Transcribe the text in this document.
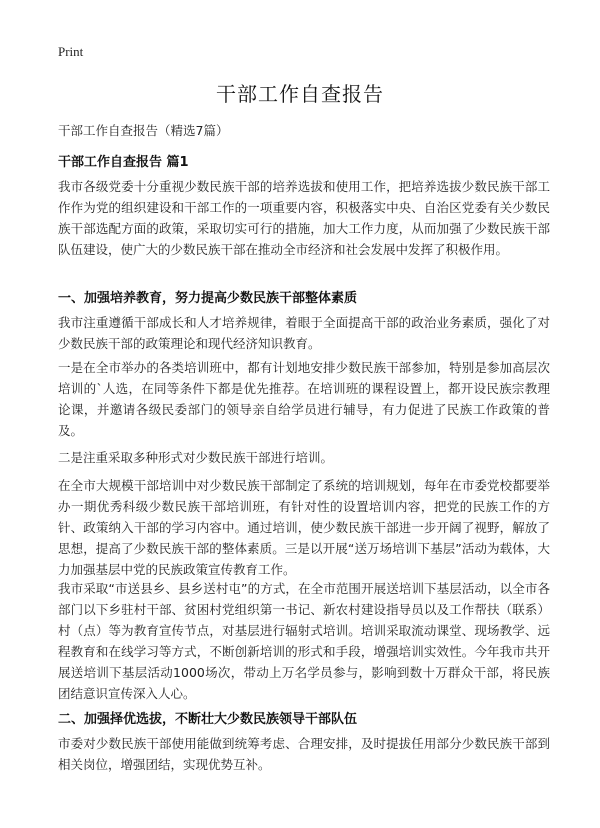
Print
干部工作自查报告
干部工作自查报告（精选7篇）
干部工作自查报告 篇1
我市各级党委十分重视少数民族干部的培养选拔和使用工作，把培养选拔少数民族干部工作作为党的组织建设和干部工作的一项重要内容，积极落实中央、自治区党委有关少数民族干部选配方面的政策，采取切实可行的措施，加大工作力度，从而加强了少数民族干部队伍建设，使广大的少数民族干部在推动全市经济和社会发展中发挥了积极作用。
一、加强培养教育，努力提高少数民族干部整体素质
我市注重遵循干部成长和人才培养规律，着眼于全面提高干部的政治业务素质，强化了对少数民族干部的政策理论和现代经济知识教育。
一是在全市举办的各类培训班中，都有计划地安排少数民族干部参加，特别是参加高层次培训的`人选，在同等条件下都是优先推荐。在培训班的课程设置上，都开设民族宗教理论课，并邀请各级民委部门的领导亲自给学员进行辅导，有力促进了民族工作政策的普及。
二是注重采取多种形式对少数民族干部进行培训。
在全市大规模干部培训中对少数民族干部制定了系统的培训规划，每年在市委党校都要举办一期优秀科级少数民族干部培训班，有针对性的设置培训内容，把党的民族工作的方针、政策纳入干部的学习内容中。通过培训，使少数民族干部进一步开阔了视野，解放了思想，提高了少数民族干部的整体素质。三是以开展“送万场培训下基层”活动为载体，大力加强基层中党的民族政策宣传教育工作。
我市采取“市送县乡、县乡送村屯”的方式，在全市范围开展送培训下基层活动，以全市各部门以下乡驻村干部、贫困村党组织第一书记、新农村建设指导员以及工作帮扶（联系）村（点）等为教育宣传节点，对基层进行辐射式培训。培训采取流动课堂、现场教学、远程教育和在线学习等方式，不断创新培训的形式和手段，增强培训实效性。今年我市共开展送培训下基层活动1000场次，带动上万名学员参与，影响到数十万群众干部，将民族团结意识宣传深入人心。
二、加强择优选拔，不断壮大少数民族领导干部队伍
市委对少数民族干部使用能做到统筹考虑、合理安排，及时提拔任用部分少数民族干部到相关岗位，增强团结，实现优势互补。
